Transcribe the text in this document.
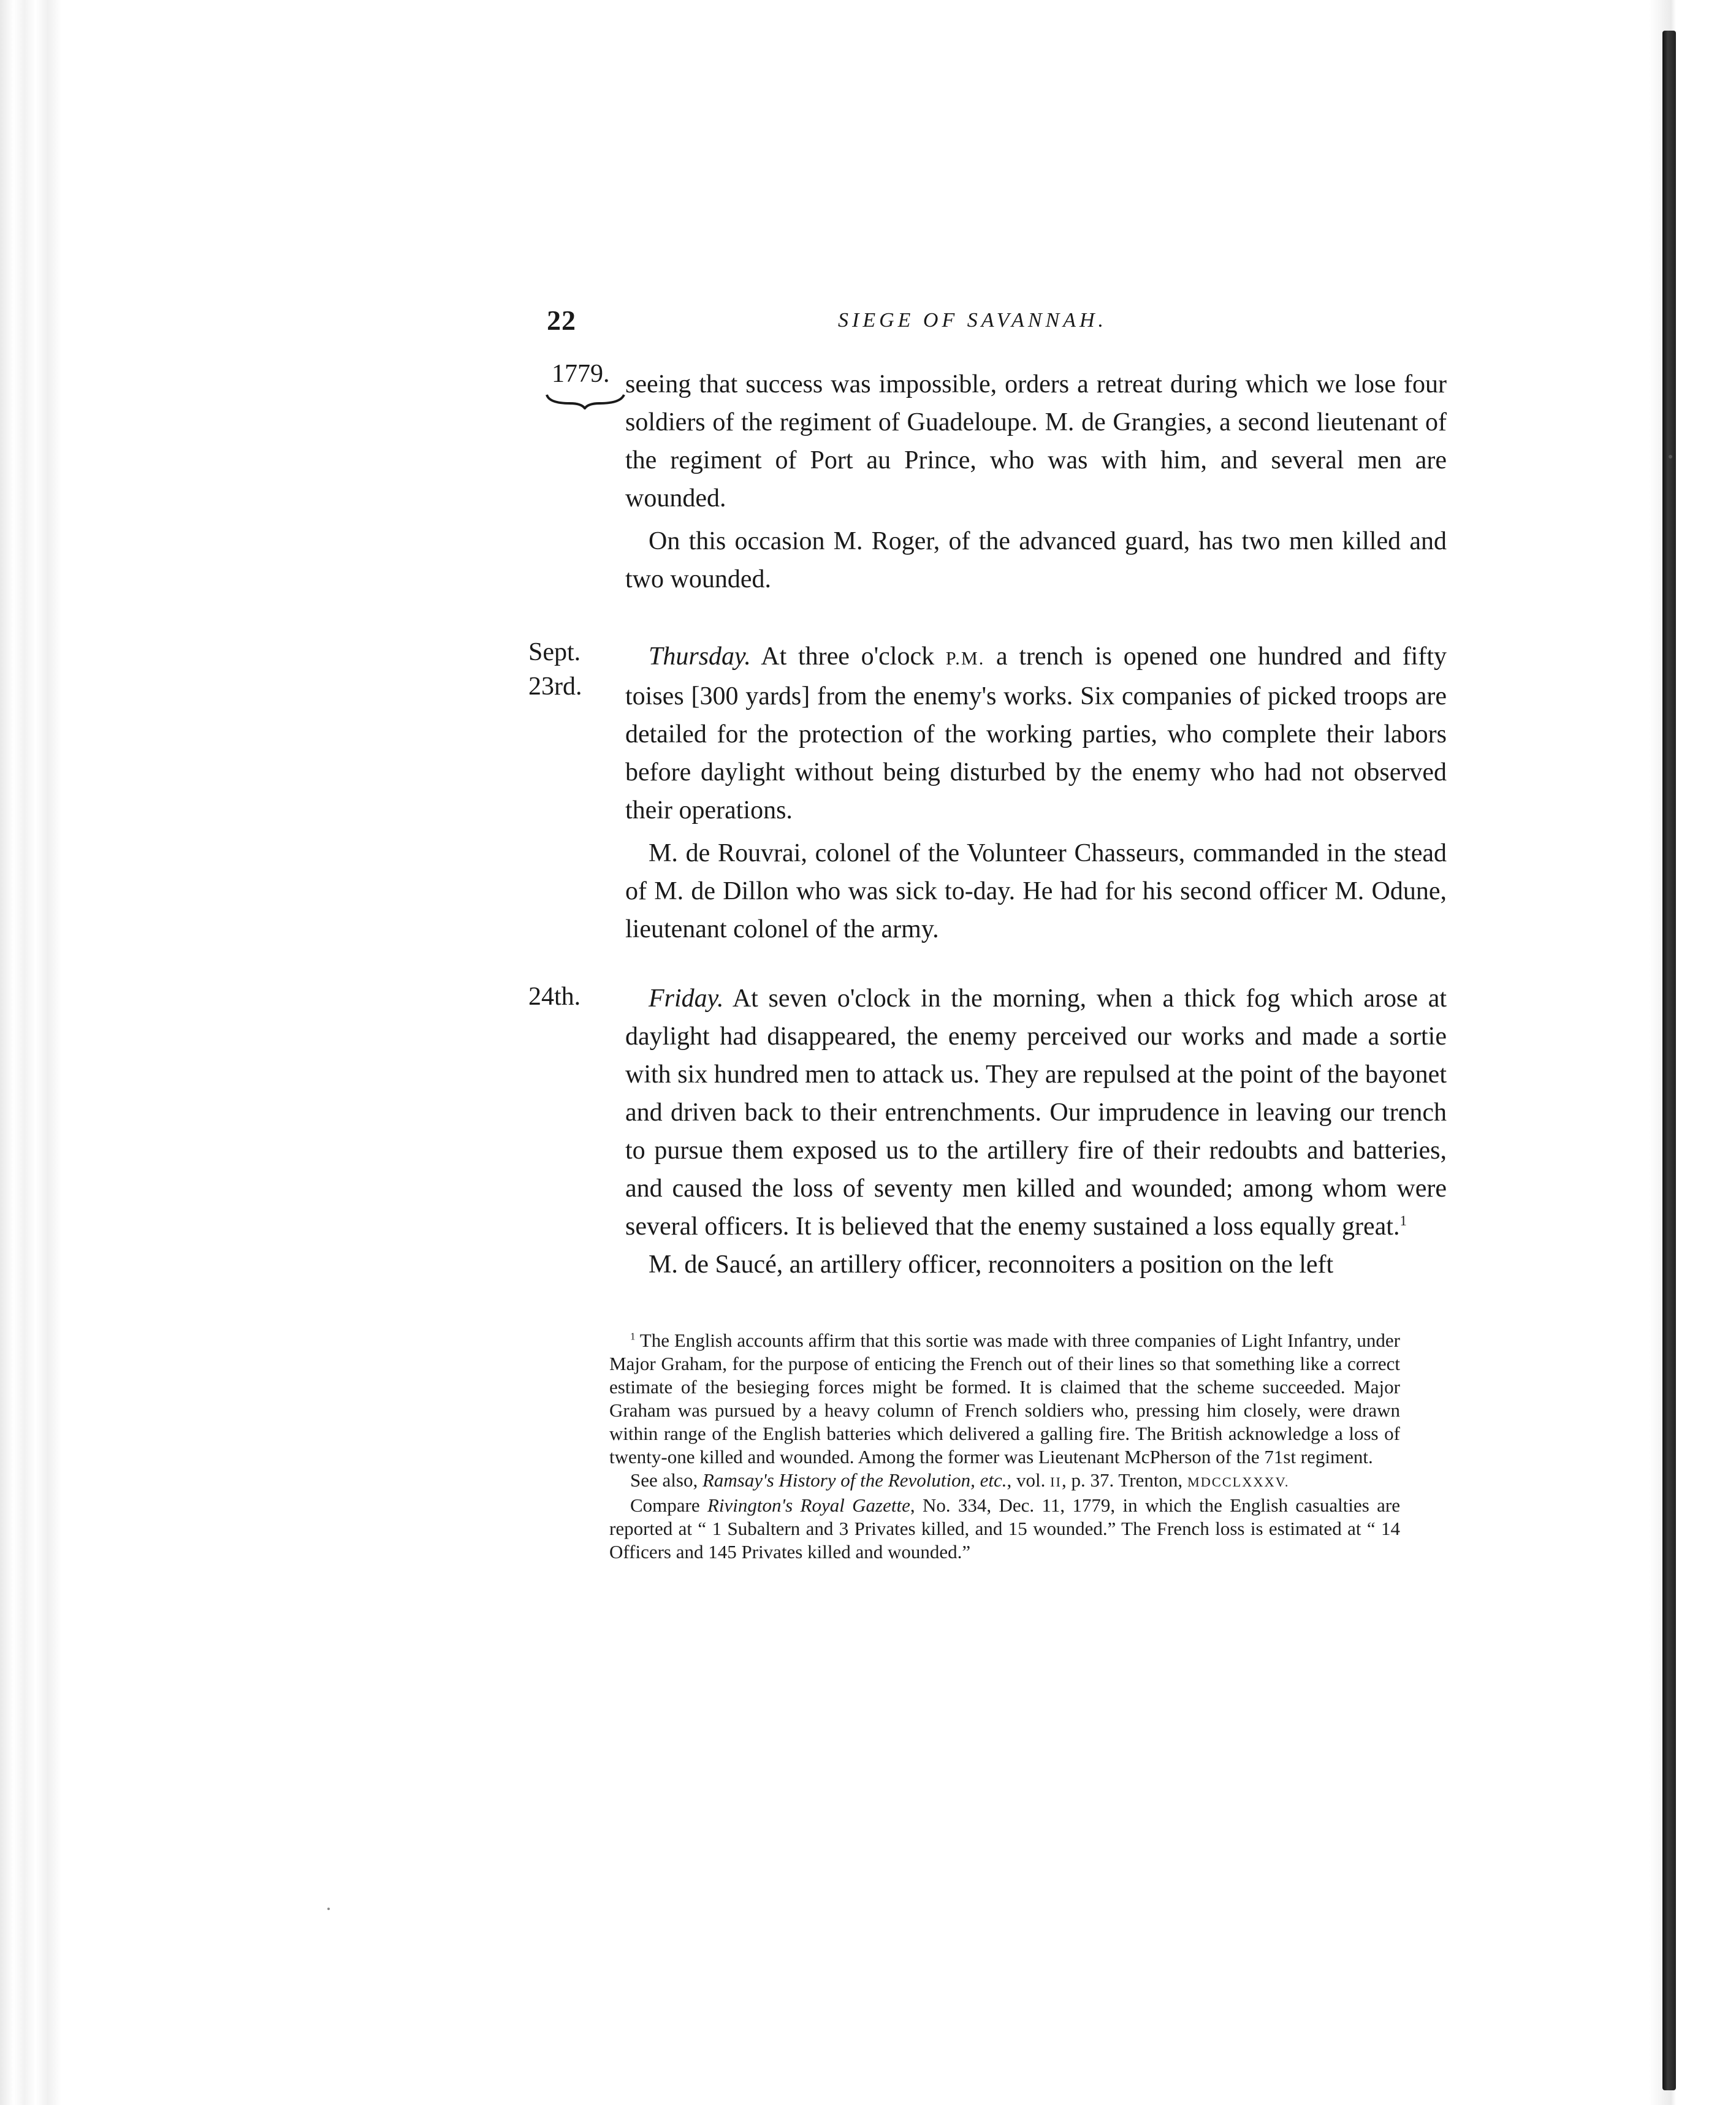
22	SIEGE OF SAVANNAH.
1779.
Sept.
23rd.
24th.

seeing that success was impossible, orders a retreat during which we lose four soldiers of the regiment of Guadeloupe. M. de Grangies, a second lieutenant of the regiment of Port au Prince, who was with him, and several men are wounded.

On this occasion M. Roger, of the advanced guard, has two men killed and two wounded.

Thursday. At three o'clock P.M. a trench is opened one hundred and fifty toises [300 yards] from the enemy's works. Six companies of picked troops are detailed for the protection of the working parties, who complete their labors before daylight without being disturbed by the enemy who had not observed their operations.

M. de Rouvrai, colonel of the Volunteer Chasseurs, commanded in the stead of M. de Dillon who was sick to-day. He had for his second officer M. Odune, lieutenant colonel of the army.

Friday. At seven o'clock in the morning, when a thick fog which arose at daylight had disappeared, the enemy perceived our works and made a sortie with six hundred men to attack us. They are repulsed at the point of the bayonet and driven back to their entrenchments. Our imprudence in leaving our trench to pursue them exposed us to the artillery fire of their redoubts and batteries, and caused the loss of seventy men killed and wounded; among whom were several officers. It is believed that the enemy sustained a loss equally great.$^1$

M. de Saucé, an artillery officer, reconnoiters a position on the left

$^1$ The English accounts affirm that this sortie was made with three companies of Light Infantry, under Major Graham, for the purpose of enticing the French out of their lines so that something like a correct estimate of the besieging forces might be formed. It is claimed that the scheme succeeded. Major Graham was pursued by a heavy column of French soldiers who, pressing him closely, were drawn within range of the English batteries which delivered a galling fire. The British acknowledge a loss of twenty-one killed and wounded. Among the former was Lieutenant McPherson of the 71st regiment.

See also, Ramsay's History of the Revolution, etc., vol. II, p. 37. Trenton, MDCCLXXXV.

Compare Rivington's Royal Gazette, No. 334, Dec. 11, 1779, in which the English casualties are reported at “ 1 Subaltern and 3 Privates killed, and 15 wounded.” The French loss is estimated at “ 14 Officers and 145 Privates killed and wounded.”
